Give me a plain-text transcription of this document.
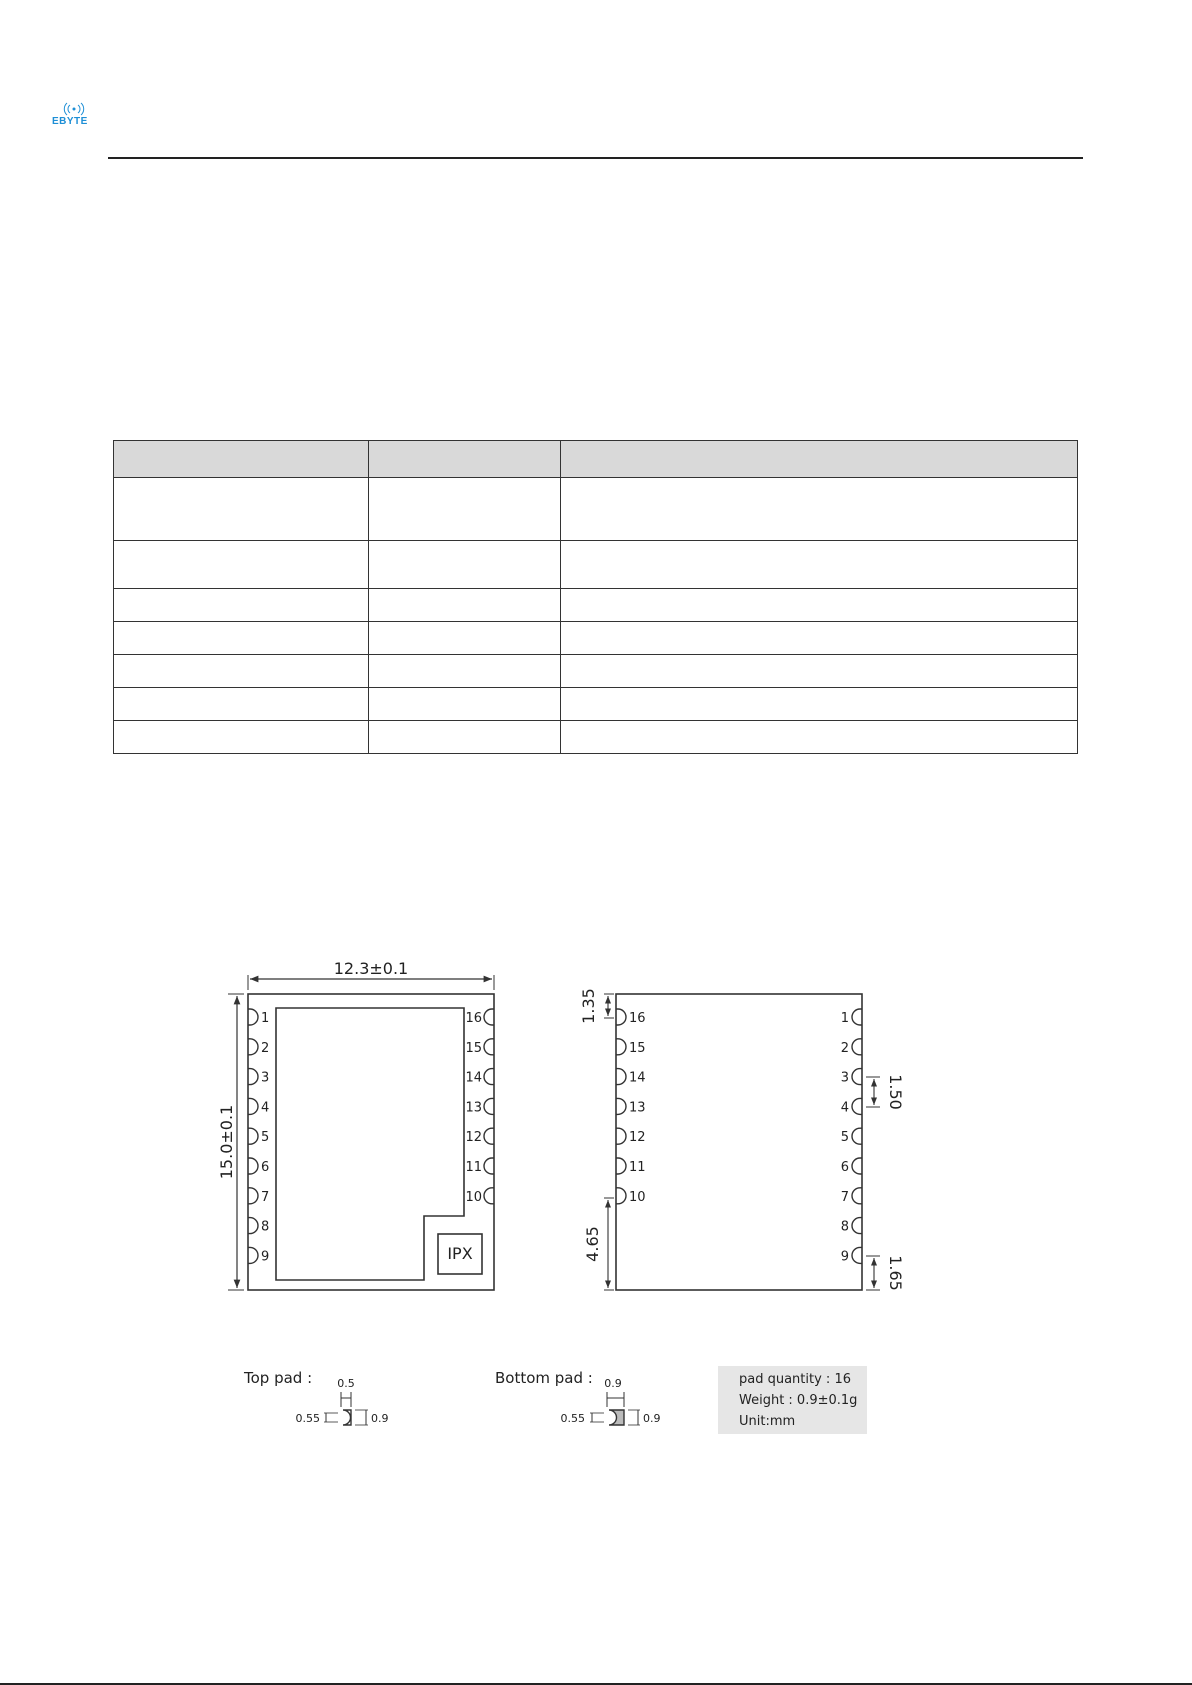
EBYTE

1
2
3
4
5
6
7
8
9
16
15
14
13
12
11
10
IPX
12.3±0.1
15.0±0.1
16
15
14
13
12
11
10
1
2
3
4
5
6
7
8
9
1.35
4.65
1.50
1.65
Top pad : 0.5
0.55	0.9
Bottom pad : 0.9
0.55	0.9
pad quantity : 16
Weight : 0.9±0.1g
Unit:mm
